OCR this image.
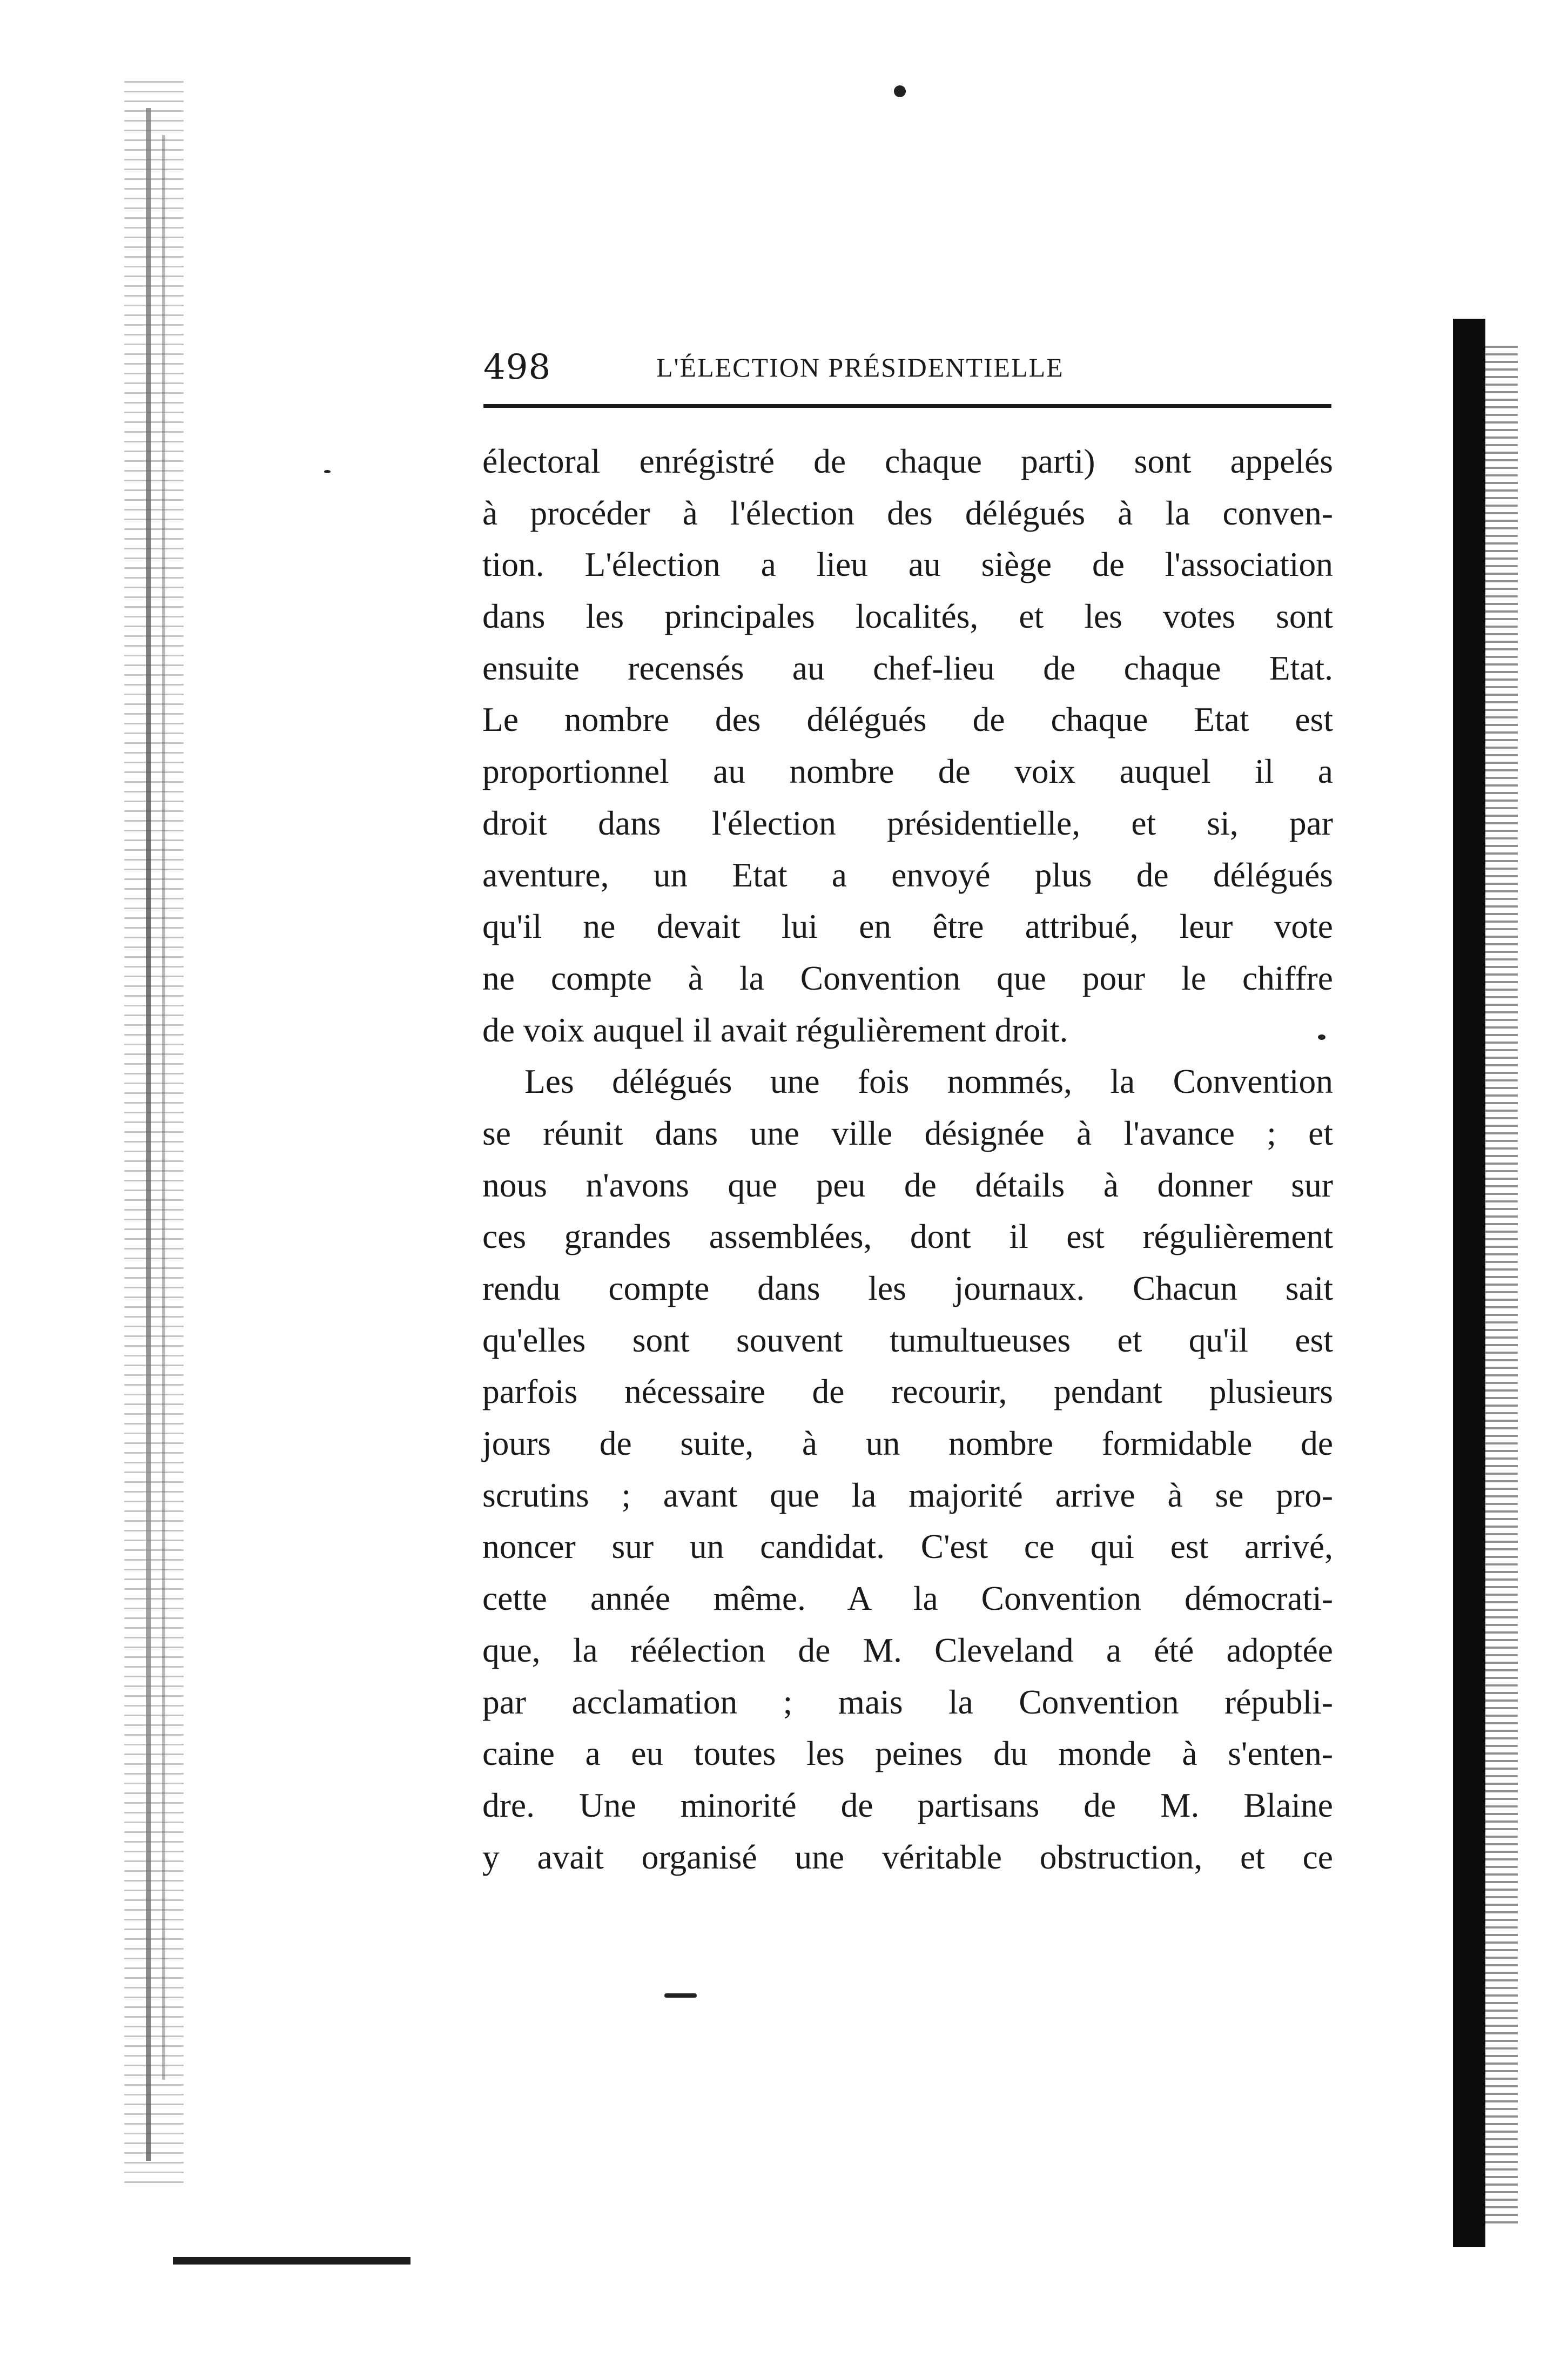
498	L'ÉLECTION PRÉSIDENTIELLE
électoral enrégistré de chaque parti) sont appelés
à procéder à l'élection des délégués à la conven-
tion. L'élection a lieu au siège de l'association
dans les principales localités, et les votes sont
ensuite recensés au chef-lieu de chaque Etat.
Le nombre des délégués de chaque Etat est
proportionnel au nombre de voix auquel il a
droit dans l'élection présidentielle, et si, par
aventure, un Etat a envoyé plus de délégués
qu'il ne devait lui en être attribué, leur vote
ne compte à la Convention que pour le chiffre
de voix auquel il avait régulièrement droit.
Les délégués une fois nommés, la Convention
se réunit dans une ville désignée à l'avance ; et
nous n'avons que peu de détails à donner sur
ces grandes assemblées, dont il est régulièrement
rendu compte dans les journaux. Chacun sait
qu'elles sont souvent tumultueuses et qu'il est
parfois nécessaire de recourir, pendant plusieurs
jours de suite, à un nombre formidable de
scrutins ; avant que la majorité arrive à se pro-
noncer sur un candidat. C'est ce qui est arrivé,
cette année même. A la Convention démocrati-
que, la réélection de M. Cleveland a été adoptée
par acclamation ; mais la Convention républi-
caine a eu toutes les peines du monde à s'enten-
dre. Une minorité de partisans de M. Blaine
y avait organisé une véritable obstruction, et ce
